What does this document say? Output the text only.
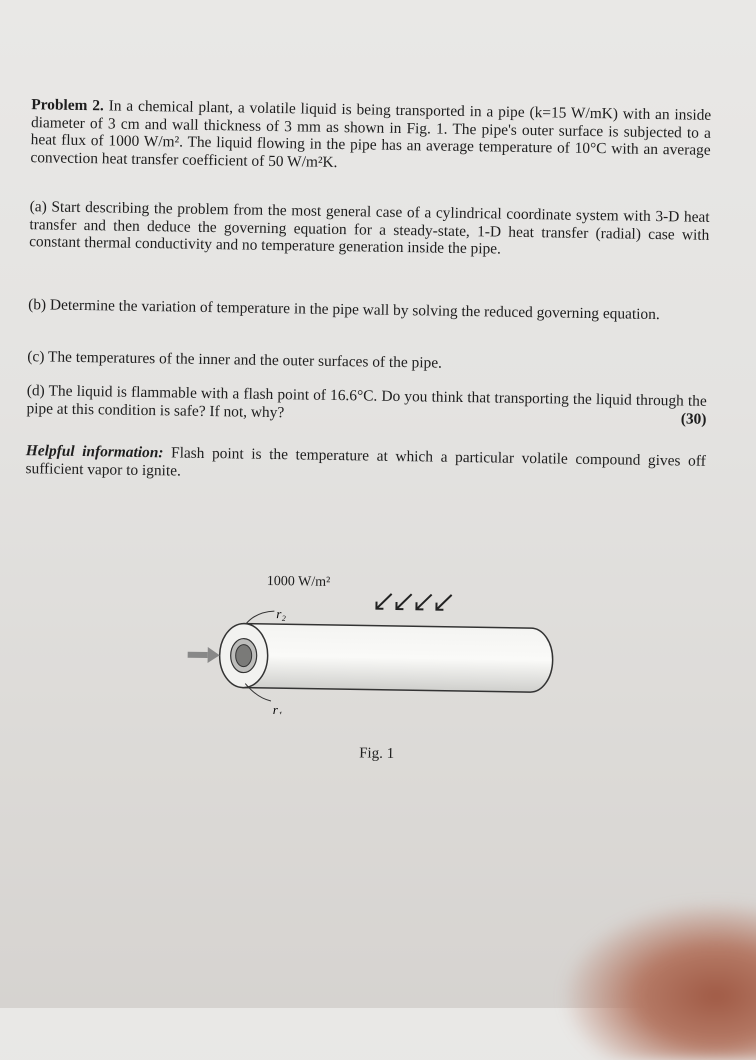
Problem 2. In a chemical plant, a volatile liquid is being transported in a pipe (k=15 W/mK) with an inside diameter of 3 cm and wall thickness of 3 mm as shown in Fig. 1. The pipe's outer surface is subjected to a heat flux of 1000 W/m². The liquid flowing in the pipe has an average temperature of 10°C with an average convection heat transfer coefficient of 50 W/m²K.
(a) Start describing the problem from the most general case of a cylindrical coordinate system with 3-D heat transfer and then deduce the governing equation for a steady-state, 1-D heat transfer (radial) case with constant thermal conductivity and no temperature generation inside the pipe.
(b) Determine the variation of temperature in the pipe wall by solving the reduced governing equation.
(c) The temperatures of the inner and the outer surfaces of the pipe.
(d) The liquid is flammable with a flash point of 16.6°C. Do you think that transporting the liquid through the pipe at this condition is safe? If not, why?	(30)
Helpful information: Flash point is the temperature at which a particular volatile compound gives off sufficient vapor to ignite.
1000 W/m²
r₂
r₁
Fig. 1
